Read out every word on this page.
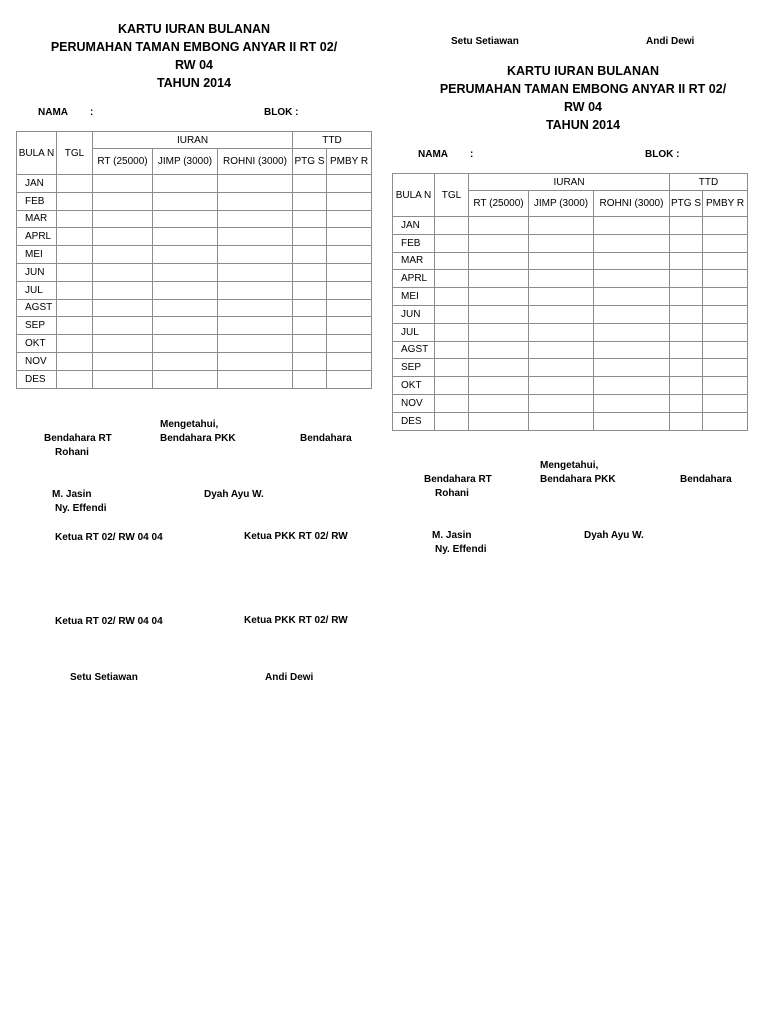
KARTU IURAN BULANAN
PERUMAHAN TAMAN EMBONG ANYAR II RT 02/
RW 04
TAHUN 2014
NAMA :	BLOK :
BULA N	TGL	IURAN			TTD	
		RT (25000)	JIMP (3000)	ROHNI (3000)	PTG S	PMBY R
JAN						
FEB						
MAR						
APRL						
MEI						
JUN						
JUL						
AGST						
SEP						
OKT						
NOV						
DES						
Mengetahui,
Bendahara RT	Bendahara PKK	Bendahara
Rohani
M. Jasin	Dyah Ayu W.
Ny. Effendi
Ketua RT 02/ RW 04 04	Ketua PKK RT 02/ RW
Ketua RT 02/ RW 04 04	Ketua PKK RT 02/ RW
Setu Setiawan	Andi Dewi
Setu Setiawan	Andi Dewi
KARTU IURAN BULANAN
PERUMAHAN TAMAN EMBONG ANYAR II RT 02/
RW 04
TAHUN 2014
NAMA :	BLOK :
BULA N	TGL	IURAN			TTD	
		RT (25000)	JIMP (3000)	ROHNI (3000)	PTG S	PMBY R
JAN						
FEB						
MAR						
APRL						
MEI						
JUN						
JUL						
AGST						
SEP						
OKT						
NOV						
DES						
Mengetahui,
Bendahara RT	Bendahara PKK	Bendahara
Rohani
M. Jasin	Dyah Ayu W.
Ny. Effendi
